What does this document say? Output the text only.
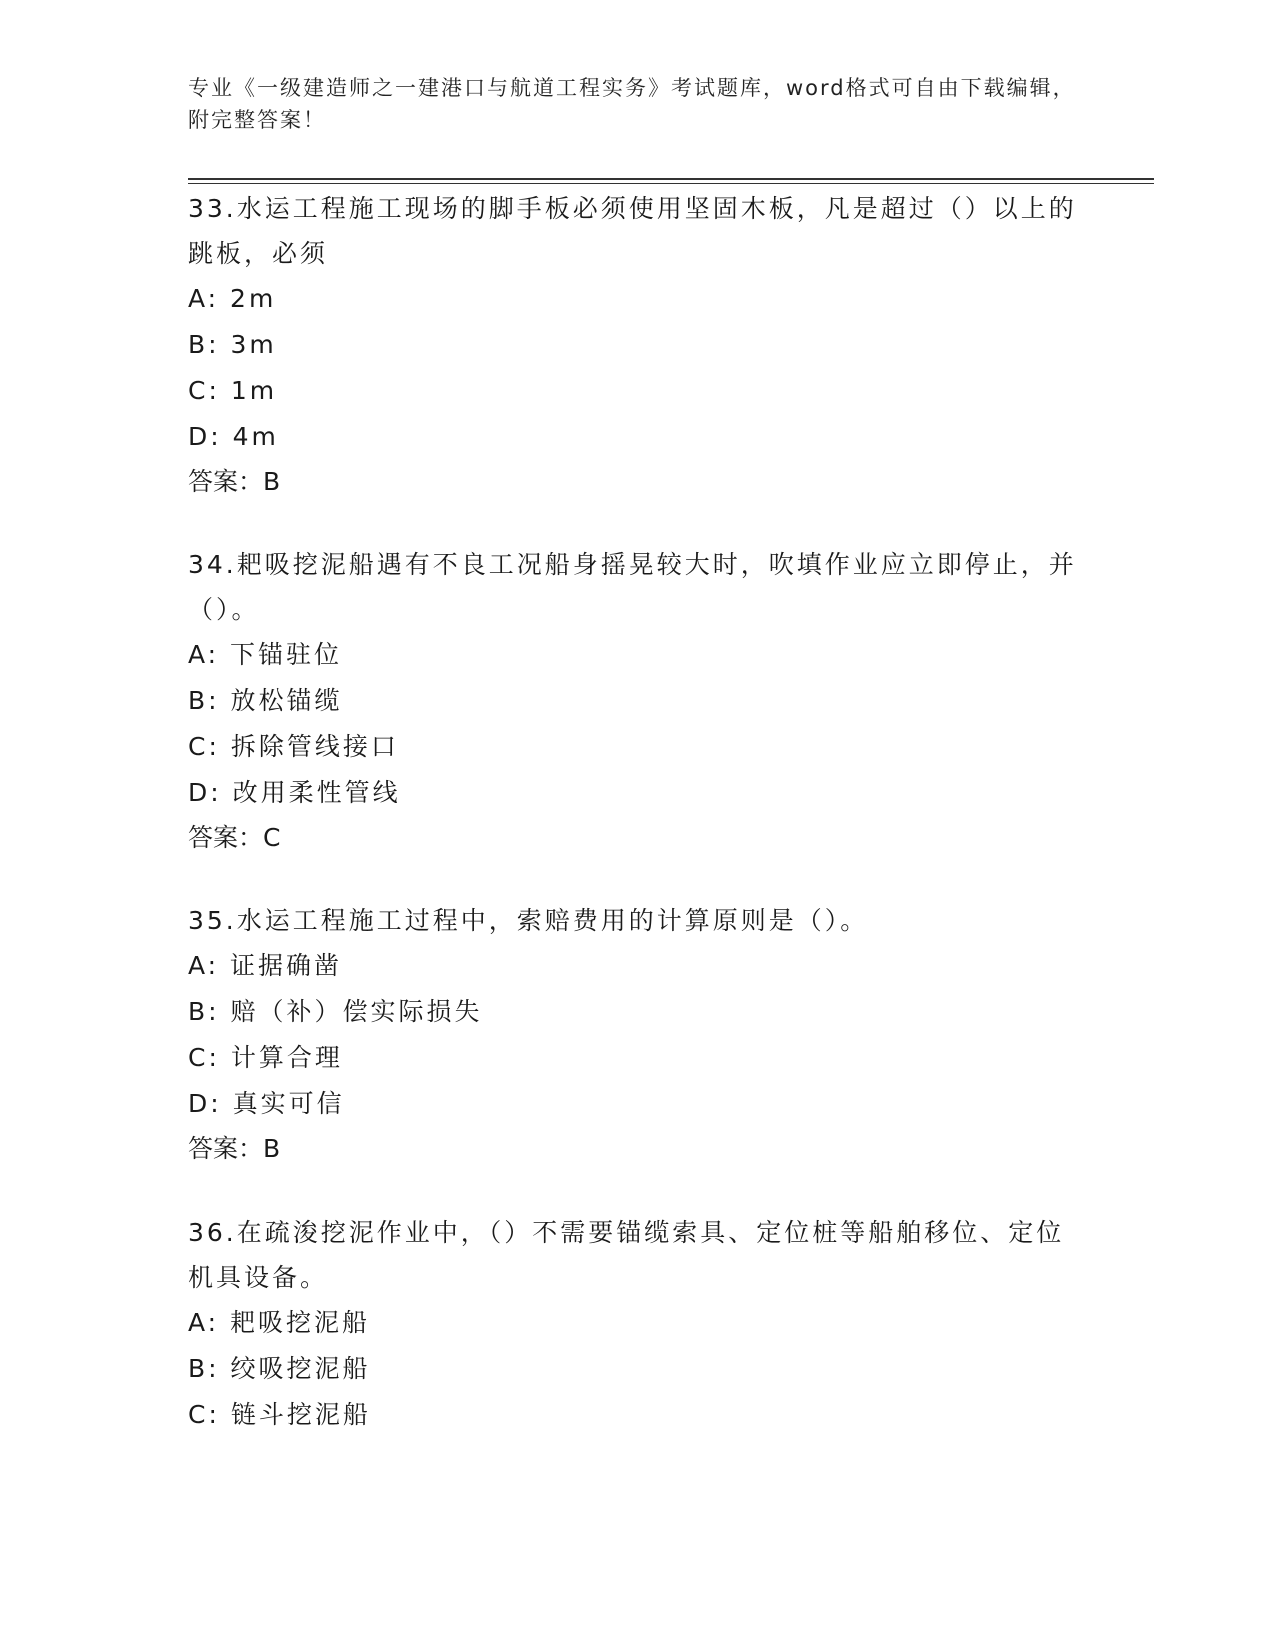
专业《一级建造师之一建港口与航道工程实务》考试题库，word格式可自由下载编辑，附完整答案！

33.水运工程施工现场的脚手板必须使用坚固木板，凡是超过（）以上的跳板，必须

A: 2m

B: 3m

C: 1m

D: 4m

答案：B

34.耙吸挖泥船遇有不良工况船身摇晃较大时，吹填作业应立即停止，并（）。

A: 下锚驻位

B: 放松锚缆

C: 拆除管线接口

D: 改用柔性管线

答案：C

35.水运工程施工过程中，索赔费用的计算原则是（）。

A: 证据确凿

B: 赔（补）偿实际损失

C: 计算合理

D: 真实可信

答案：B

36.在疏浚挖泥作业中，（）不需要锚缆索具、定位桩等船舶移位、定位机具设备。

A: 耙吸挖泥船

B: 绞吸挖泥船

C: 链斗挖泥船
